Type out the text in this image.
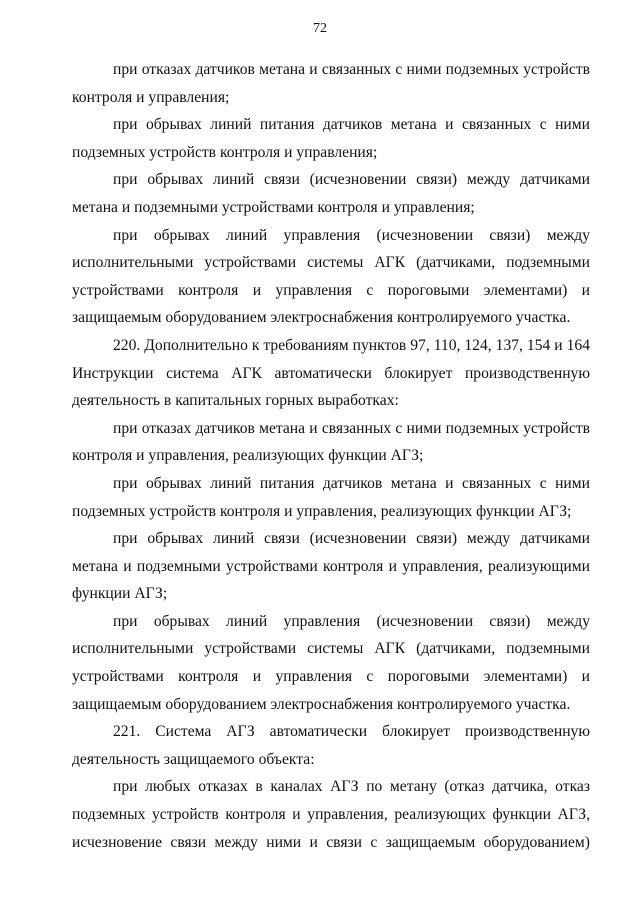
72

при отказах датчиков метана и связанных с ними подземных устройств контроля и управления;

при обрывах линий питания датчиков метана и связанных с ними подземных устройств контроля и управления;

при обрывах линий связи (исчезновении связи) между датчиками метана и подземными устройствами контроля и управления;

при обрывах линий управления (исчезновении связи) между исполнительными устройствами системы АГК (датчиками, подземными устройствами контроля и управления с пороговыми элементами) и защищаемым оборудованием электроснабжения контролируемого участка.

220. Дополнительно к требованиям пунктов 97, 110, 124, 137, 154 и 164 Инструкции система АГК автоматически блокирует производственную деятельность в капитальных горных выработках:

при отказах датчиков метана и связанных с ними подземных устройств контроля и управления, реализующих функции АГЗ;

при обрывах линий питания датчиков метана и связанных с ними подземных устройств контроля и управления, реализующих функции АГЗ;

при обрывах линий связи (исчезновении связи) между датчиками метана и подземными устройствами контроля и управления, реализующими функции АГЗ;

при обрывах линий управления (исчезновении связи) между исполнительными устройствами системы АГК (датчиками, подземными устройствами контроля и управления с пороговыми элементами) и защищаемым оборудованием электроснабжения контролируемого участка.

221. Система АГЗ автоматически блокирует производственную деятельность защищаемого объекта:

при любых отказах в каналах АГЗ по метану (отказ датчика, отказ подземных устройств контроля и управления, реализующих функции АГЗ, исчезновение связи между ними и связи с защищаемым оборудованием)
